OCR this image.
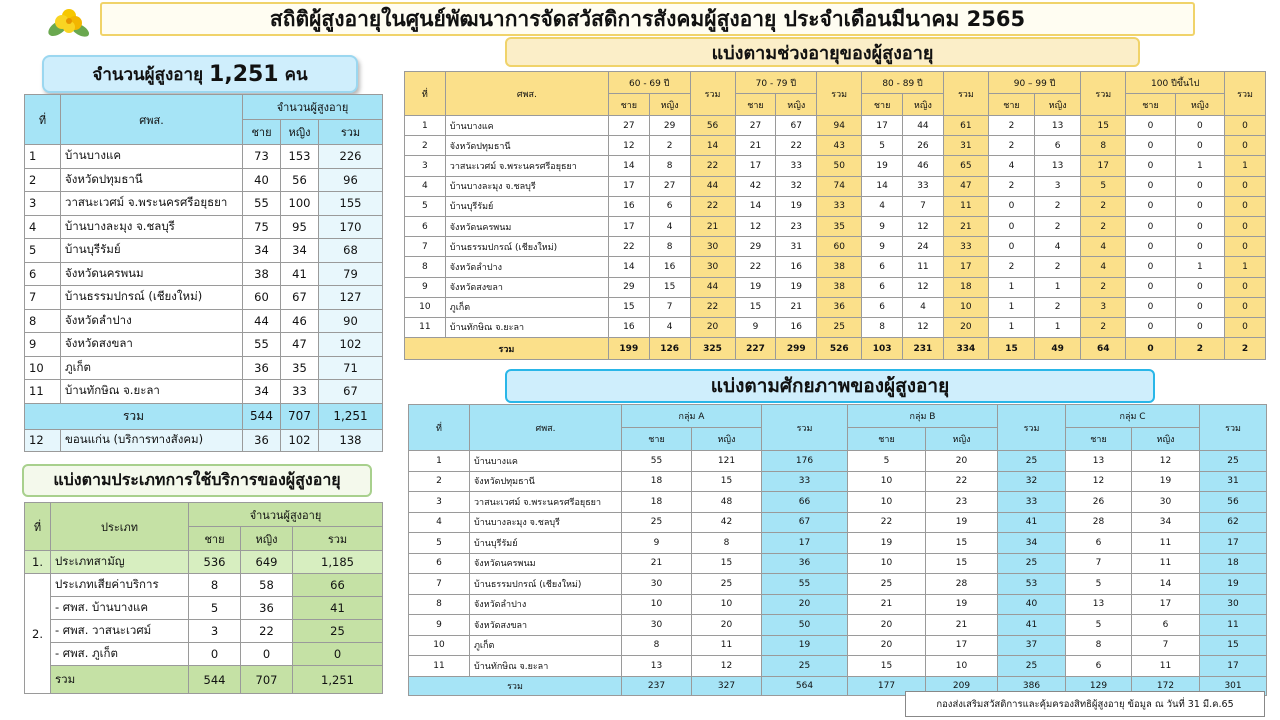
สถิติผู้สูงอายุในศูนย์พัฒนาการจัดสวัสดิการสังคมผู้สูงอายุ ประจำเดือนมีนาคม 2565
แบ่งตามช่วงอายุของผู้สูงอายุ
จำนวนผู้สูงอายุ 1,251 คน
แบ่งตามศักยภาพของผู้สูงอายุ
แบ่งตามประเภทการใช้บริการของผู้สูงอายุ
ที่	ศพส.	จำนวนผู้สูงอายุ		
		ชาย	หญิง	รวม
1	บ้านบางแค	73	153	226
2	จังหวัดปทุมธานี	40	56	96
3	วาสนะเวศม์ จ.พระนครศรีอยุธยา	55	100	155
4	บ้านบางละมุง จ.ชลบุรี	75	95	170
5	บ้านบุรีรัมย์	34	34	68
6	จังหวัดนครพนม	38	41	79
7	บ้านธรรมปกรณ์ (เชียงใหม่)	60	67	127
8	จังหวัดลำปาง	44	46	90
9	จังหวัดสงขลา	55	47	102
10	ภูเก็ต	36	35	71
11	บ้านทักษิณ จ.ยะลา	34	33	67
รวม		544	707	1,251
12	ขอนแก่น (บริการทางสังคม)	36	102	138
ที่	ประเภท	จำนวนผู้สูงอายุ		
		ชาย	หญิง	รวม
1.	ประเภทสามัญ	536	649	1,185
2.	ประเภทเสียค่าบริการ	8	58	66
	- ศพส. บ้านบางแค	5	36	41
	- ศพส. วาสนะเวศม์	3	22	25
	- ศพส. ภูเก็ต	0	0	0
	รวม	544	707	1,251
ที่	ศพส.	60 - 69 ปี		รวม	70 - 79 ปี		รวม	80 - 89 ปี		รวม	90 – 99 ปี		รวม	100 ปีขึ้นไป		รวม
		ชาย	หญิง		ชาย	หญิง		ชาย	หญิง		ชาย	หญิง		ชาย	หญิง	
1	บ้านบางแค	27	29	56	27	67	94	17	44	61	2	13	15	0	0	0
2	จังหวัดปทุมธานี	12	2	14	21	22	43	5	26	31	2	6	8	0	0	0
3	วาสนะเวศม์ จ.พระนครศรีอยุธยา	14	8	22	17	33	50	19	46	65	4	13	17	0	1	1
4	บ้านบางละมุง จ.ชลบุรี	17	27	44	42	32	74	14	33	47	2	3	5	0	0	0
5	บ้านบุรีรัมย์	16	6	22	14	19	33	4	7	11	0	2	2	0	0	0
6	จังหวัดนครพนม	17	4	21	12	23	35	9	12	21	0	2	2	0	0	0
7	บ้านธรรมปกรณ์ (เชียงใหม่)	22	8	30	29	31	60	9	24	33	0	4	4	0	0	0
8	จังหวัดลำปาง	14	16	30	22	16	38	6	11	17	2	2	4	0	1	1
9	จังหวัดสงขลา	29	15	44	19	19	38	6	12	18	1	1	2	0	0	0
10	ภูเก็ต	15	7	22	15	21	36	6	4	10	1	2	3	0	0	0
11	บ้านทักษิณ จ.ยะลา	16	4	20	9	16	25	8	12	20	1	1	2	0	0	0
รวม		199	126	325	227	299	526	103	231	334	15	49	64	0	2	2
ที่	ศพส.	กลุ่ม A		รวม	กลุ่ม B		รวม	กลุ่ม C		รวม
		ชาย	หญิง		ชาย	หญิง		ชาย	หญิง	
1	บ้านบางแค	55	121	176	5	20	25	13	12	25
2	จังหวัดปทุมธานี	18	15	33	10	22	32	12	19	31
3	วาสนะเวศม์ จ.พระนครศรีอยุธยา	18	48	66	10	23	33	26	30	56
4	บ้านบางละมุง จ.ชลบุรี	25	42	67	22	19	41	28	34	62
5	บ้านบุรีรัมย์	9	8	17	19	15	34	6	11	17
6	จังหวัดนครพนม	21	15	36	10	15	25	7	11	18
7	บ้านธรรมปกรณ์ (เชียงใหม่)	30	25	55	25	28	53	5	14	19
8	จังหวัดลำปาง	10	10	20	21	19	40	13	17	30
9	จังหวัดสงขลา	30	20	50	20	21	41	5	6	11
10	ภูเก็ต	8	11	19	20	17	37	8	7	15
11	บ้านทักษิณ จ.ยะลา	13	12	25	15	10	25	6	11	17
รวม		237	327	564	177	209	386	129	172	301
กองส่งเสริมสวัสดิการและคุ้มครองสิทธิผู้สูงอายุ ข้อมูล ณ วันที่ 31 มี.ค.65
